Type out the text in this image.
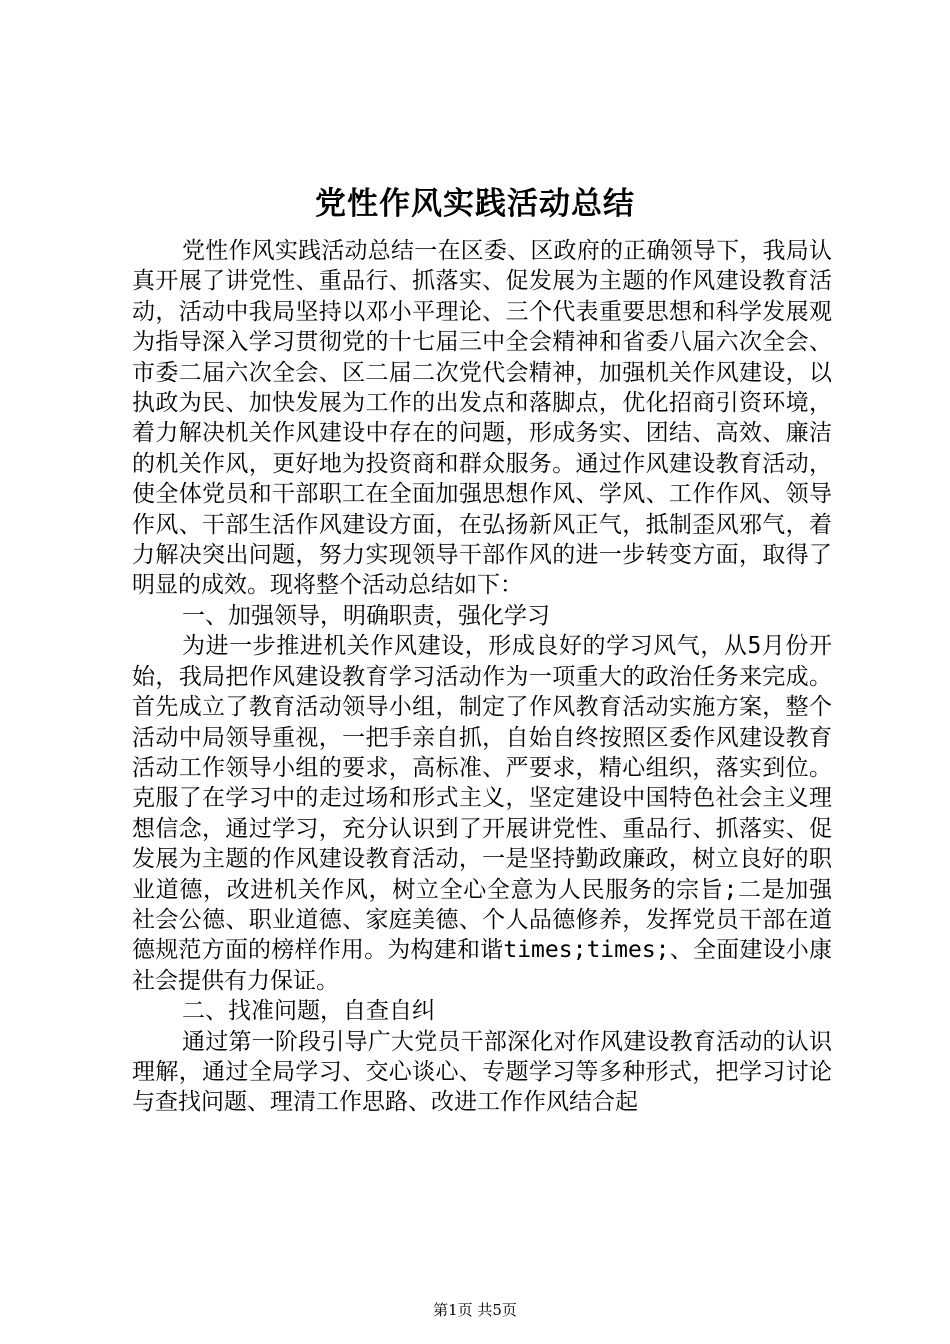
党性作风实践活动总结

党性作风实践活动总结一在区委、区政府的正确领导下，我局认真开展了讲党性、重品行、抓落实、促发展为主题的作风建设教育活动，活动中我局坚持以邓小平理论、三个代表重要思想和科学发展观为指导深入学习贯彻党的十七届三中全会精神和省委八届六次全会、市委二届六次全会、区二届二次党代会精神，加强机关作风建设，以执政为民、加快发展为工作的出发点和落脚点，优化招商引资环境，着力解决机关作风建设中存在的问题，形成务实、团结、高效、廉洁的机关作风，更好地为投资商和群众服务。通过作风建设教育活动，使全体党员和干部职工在全面加强思想作风、学风、工作作风、领导作风、干部生活作风建设方面，在弘扬新风正气，抵制歪风邪气，着力解决突出问题，努力实现领导干部作风的进一步转变方面，取得了明显的成效。现将整个活动总结如下：

一、加强领导，明确职责，强化学习

为进一步推进机关作风建设，形成良好的学习风气，从5月份开始，我局把作风建设教育学习活动作为一项重大的政治任务来完成。首先成立了教育活动领导小组，制定了作风教育活动实施方案，整个活动中局领导重视，一把手亲自抓，自始自终按照区委作风建设教育活动工作领导小组的要求，高标准、严要求，精心组织，落实到位。克服了在学习中的走过场和形式主义，坚定建设中国特色社会主义理想信念，通过学习，充分认识到了开展讲党性、重品行、抓落实、促发展为主题的作风建设教育活动，一是坚持勤政廉政，树立良好的职业道德，改进机关作风，树立全心全意为人民服务的宗旨;二是加强社会公德、职业道德、家庭美德、个人品德修养，发挥党员干部在道德规范方面的榜样作用。为构建和谐times;times;、全面建设小康社会提供有力保证。

二、找准问题，自查自纠

通过第一阶段引导广大党员干部深化对作风建设教育活动的认识理解，通过全局学习、交心谈心、专题学习等多种形式，把学习讨论与查找问题、理清工作思路、改进工作作风结合起

第1页 共5页
